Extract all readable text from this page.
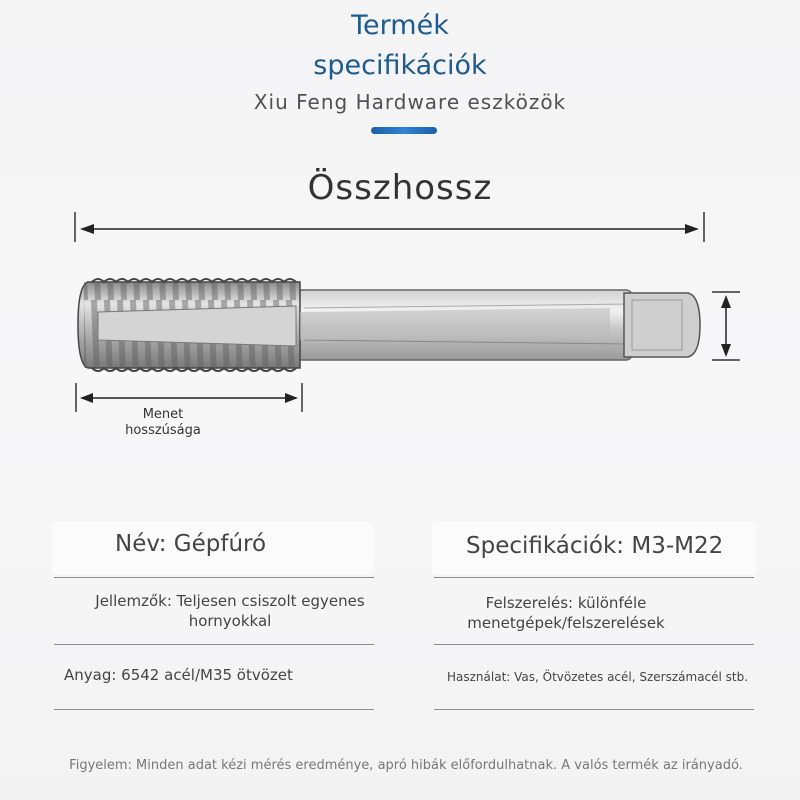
Termék
specifikációk
Xiu Feng Hardware eszközök
Összhossz
Menet
hosszúsága
Név: Gépfúró	Specifikációk: M3-M22
Jellemzők: Teljesen csiszolt egyenes
hornyokkal
Felszerelés: különféle
menetgépek/felszerelések
Anyag: 6542 acél/M35 ötvözet	Használat: Vas, Ötvözetes acél, Szerszámacél stb.
Figyelem: Minden adat kézi mérés eredménye, apró hibák előfordulhatnak. A valós termék az irányadó.
